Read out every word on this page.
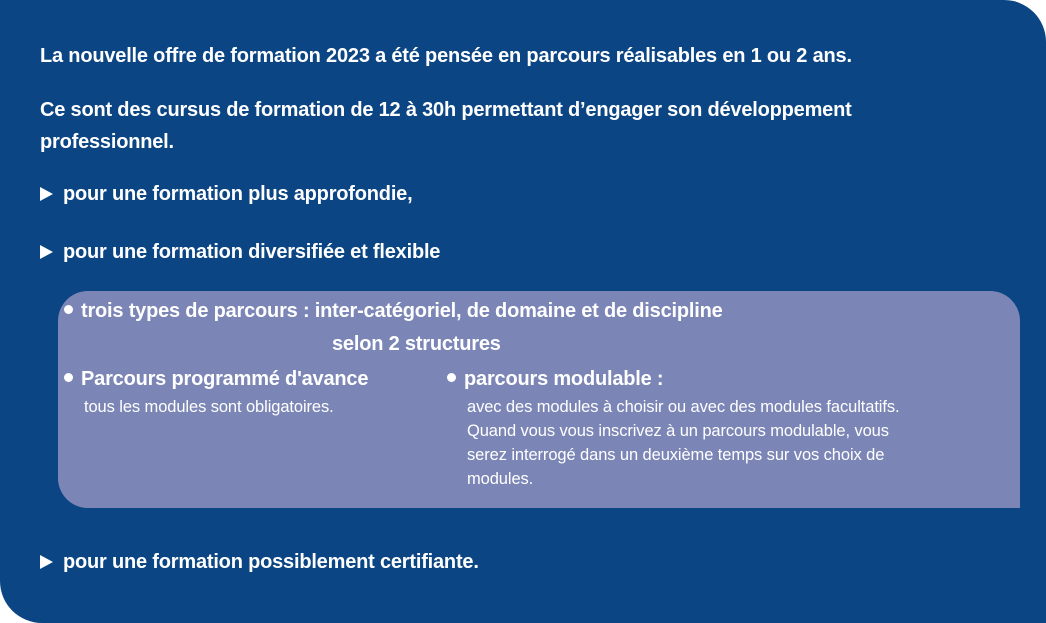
La nouvelle offre de formation 2023 a été pensée en parcours réalisables en 1 ou 2 ans.
Ce sont des cursus de formation de 12 à 30h permettant d’engager son développement
professionnel.
pour une formation plus approfondie,
pour une formation diversifiée et flexible
trois types de parcours : inter-catégoriel, de domaine et de discipline
selon 2 structures
Parcours programmé d'avance
tous les modules sont obligatoires.
parcours modulable :
avec des modules à choisir ou avec des modules facultatifs.
Quand vous vous inscrivez à un parcours modulable, vous
serez interrogé dans un deuxième temps sur vos choix de
modules.
pour une formation possiblement certifiante.
